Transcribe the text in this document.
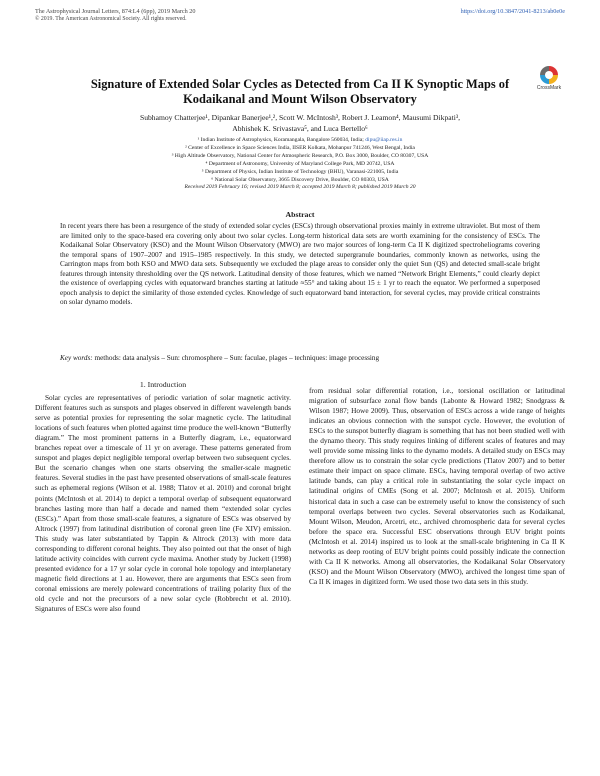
The Astrophysical Journal Letters, 874:L4 (6pp), 2019 March 20	https://doi.org/10.3847/2041-8213/ab0e0e
© 2019. The American Astronomical Society. All rights reserved.
CrossMark
Signature of Extended Solar Cycles as Detected from Ca II K Synoptic Maps of Kodaikanal and Mount Wilson Observatory
Subhamoy Chatterjee¹, Dipankar Banerjee¹,², Scott W. McIntosh³, Robert J. Leamon⁴, Mausumi Dikpati³,
Abhishek K. Srivastava⁵, and Luca Bertello⁶
¹ Indian Institute of Astrophysics, Koramangala, Bangalore 560034, India; dipu@iiap.res.in
² Center of Excellence in Space Sciences India, IISER Kolkata, Mohanpur 741246, West Bengal, India
³ High Altitude Observatory, National Center for Atmospheric Research, P.O. Box 3000, Boulder, CO 80307, USA
⁴ Department of Astronomy, University of Maryland College Park, MD 20742, USA
⁵ Department of Physics, Indian Institute of Technology (BHU), Varanasi-221005, India
⁶ National Solar Observatory, 3665 Discovery Drive, Boulder, CO 80303, USA
Received 2019 February 16; revised 2019 March 8; accepted 2019 March 8; published 2019 March 20
Abstract
In recent years there has been a resurgence of the study of extended solar cycles (ESCs) through observational proxies mainly in extreme ultraviolet. But most of them are limited only to the space-based era covering only about two solar cycles. Long-term historical data sets are worth examining for the consistency of ESCs. The Kodaikanal Solar Observatory (KSO) and the Mount Wilson Observatory (MWO) are two major sources of long-term Ca II K digitized spectroheliograms covering the temporal spans of 1907–2007 and 1915–1985 respectively. In this study, we detected supergranule boundaries, commonly known as networks, using the Carrington maps from both KSO and MWO data sets. Subsequently we excluded the plage areas to consider only the quiet Sun (QS) and detected small-scale bright features through intensity thresholding over the QS network. Latitudinal density of those features, which we named “Network Bright Elements,” could clearly depict the existence of overlapping cycles with equatorward branches starting at latitude ≈55° and taking about 15 ± 1 yr to reach the equator. We performed a superposed epoch analysis to depict the similarity of those extended cycles. Knowledge of such equatorward band interaction, for several cycles, may provide critical constraints on solar dynamo models.
Key words: methods: data analysis – Sun: chromosphere – Sun: faculae, plages – techniques: image processing
1. Introduction

Solar cycles are representatives of periodic variation of solar magnetic activity. Different features such as sunspots and plages observed in different wavelength bands serve as potential proxies for representing the solar magnetic cycle. The latitudinal locations of such features when plotted against time produce the well-known “Butterfly diagram.” The most prominent patterns in a Butterfly diagram, i.e., equatorward branches repeat over a timescale of 11 yr on average. These patterns generated from sunspot and plages depict negligible temporal overlap between two subsequent cycles. But the scenario changes when one starts observing the smaller-scale magnetic features. Several studies in the past have presented observations of small-scale features such as ephemeral regions (Wilson et al. 1988; Tlatov et al. 2010) and coronal bright points (McIntosh et al. 2014) to depict a temporal overlap of subsequent equatorward branches lasting more than half a decade and named them “extended solar cycles (ESCs).” Apart from those small-scale features, a signature of ESCs was observed by Altrock (1997) from latitudinal distribution of coronal green line (Fe XIV) emission. This study was later substantiated by Tappin & Altrock (2013) with more data corresponding to different coronal heights. They also pointed out that the onset of high latitude activity coincides with current cycle maxima. Another study by Juckett (1998) presented evidence for a 17 yr solar cycle in coronal hole topology and interplanetary magnetic field directions at 1 au. However, there are arguments that ESCs seen from coronal emissions are merely poleward concentrations of trailing polarity flux of the old cycle and not the precursors of a new solar cycle (Robbrecht et al. 2010). Signatures of ESCs were also found

from residual solar differential rotation, i.e., torsional oscillation or latitudinal migration of subsurface zonal flow bands (Labonte & Howard 1982; Snodgrass & Wilson 1987; Howe 2009). Thus, observation of ESCs across a wide range of heights indicates an obvious connection with the sunspot cycle. However, the evolution of ESCs to the sunspot butterfly diagram is something that has not been studied well with the dynamo theory. This study requires linking of different scales of features and may well provide some missing links to the dynamo models. A detailed study on ESCs may therefore allow us to constrain the solar cycle predictions (Tlatov 2007) and to better estimate their impact on space climate. ESCs, having temporal overlap of two active latitude bands, can play a critical role in substantiating the solar cycle impact on latitudinal origins of CMEs (Song et al. 2007; McIntosh et al. 2015). Uniform historical data in such a case can be extremely useful to know the consistency of such temporal overlaps between two cycles. Several observatories such as Kodaikanal, Mount Wilson, Meudon, Arcetri, etc., archived chromospheric data for several cycles before the space era. Successful ESC observations through EUV bright points (McIntosh et al. 2014) inspired us to look at the small-scale brightening in Ca II K networks as deep rooting of EUV bright points could possibly indicate the connection with Ca II K networks. Among all observatories, the Kodaikanal Solar Observatory (KSO) and the Mount Wilson Observatory (MWO), archived the longest time span of Ca II K images in digitized form. We used those two data sets in this study.
